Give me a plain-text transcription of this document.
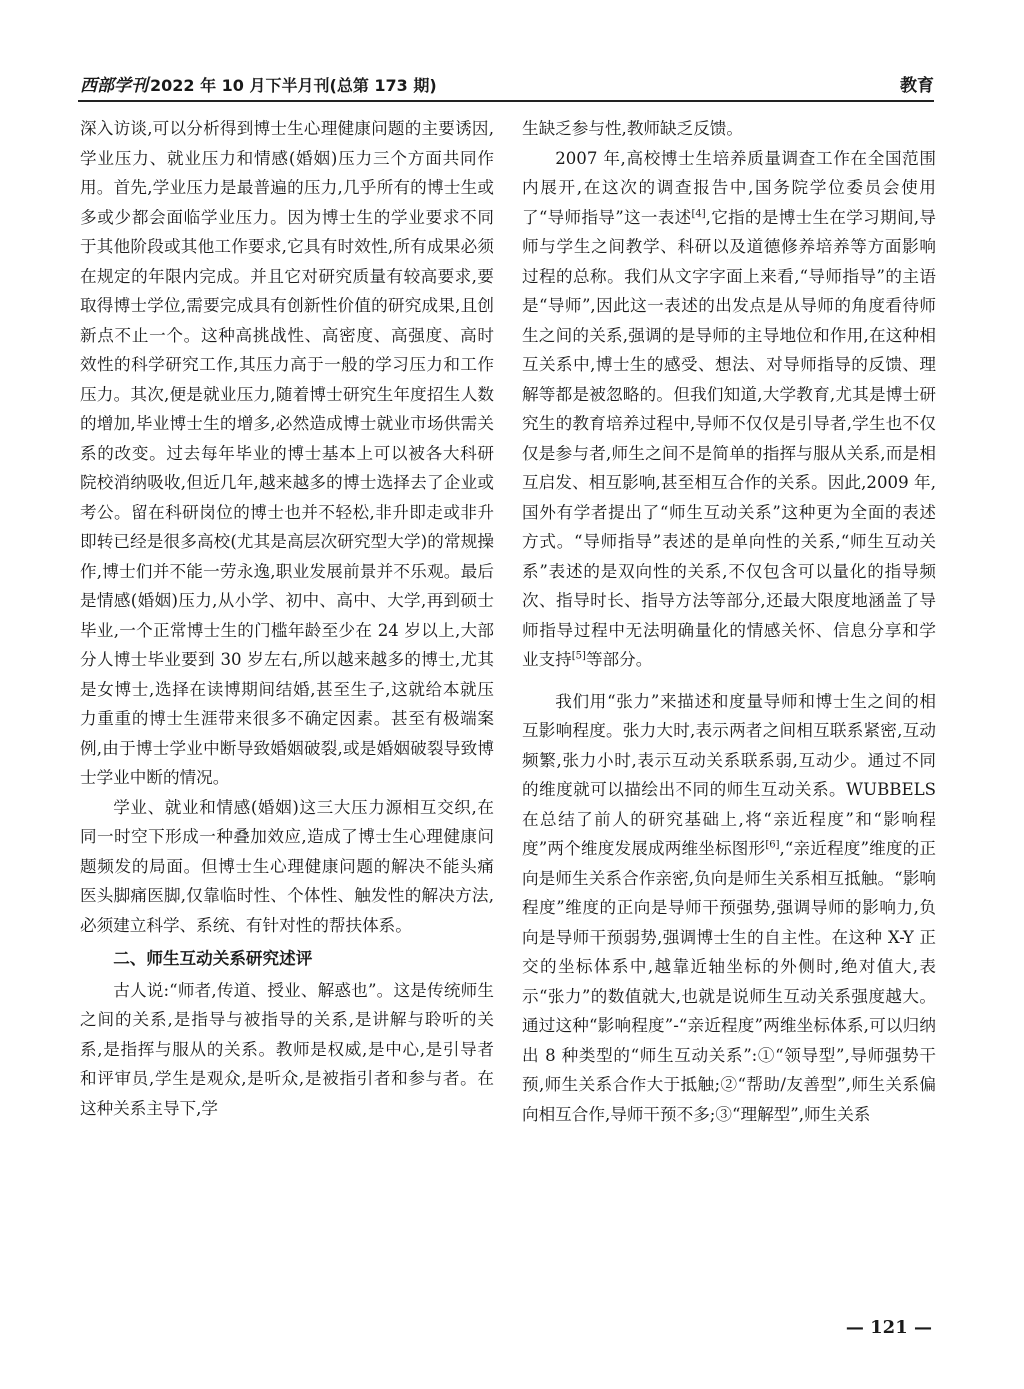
西部学刊 2022 年 10 月下半月刊(总第 173 期)	教育

深入访谈,可以分析得到博士生心理健康问题的主要诱因,学业压力、就业压力和情感(婚姻)压力三个方面共同作用。首先,学业压力是最普遍的压力,几乎所有的博士生或多或少都会面临学业压力。因为博士生的学业要求不同于其他阶段或其他工作要求,它具有时效性,所有成果必须在规定的年限内完成。并且它对研究质量有较高要求,要取得博士学位,需要完成具有创新性价值的研究成果,且创新点不止一个。这种高挑战性、高密度、高强度、高时效性的科学研究工作,其压力高于一般的学习压力和工作压力。其次,便是就业压力,随着博士研究生年度招生人数的增加,毕业博士生的增多,必然造成博士就业市场供需关系的改变。过去每年毕业的博士基本上可以被各大科研院校消纳吸收,但近几年,越来越多的博士选择去了企业或考公。留在科研岗位的博士也并不轻松,非升即走或非升即转已经是很多高校(尤其是高层次研究型大学)的常规操作,博士们并不能一劳永逸,职业发展前景并不乐观。最后是情感(婚姻)压力,从小学、初中、高中、大学,再到硕士毕业,一个正常博士生的门槛年龄至少在 24 岁以上,大部分人博士毕业要到 30 岁左右,所以越来越多的博士,尤其是女博士,选择在读博期间结婚,甚至生子,这就给本就压力重重的博士生涯带来很多不确定因素。甚至有极端案例,由于博士学业中断导致婚姻破裂,或是婚姻破裂导致博士学业中断的情况。

学业、就业和情感(婚姻)这三大压力源相互交织,在同一时空下形成一种叠加效应,造成了博士生心理健康问题频发的局面。但博士生心理健康问题的解决不能头痛医头脚痛医脚,仅靠临时性、个体性、触发性的解决方法,必须建立科学、系统、有针对性的帮扶体系。

二、师生互动关系研究述评

古人说:“师者,传道、授业、解惑也”。这是传统师生之间的关系,是指导与被指导的关系,是讲解与聆听的关系,是指挥与服从的关系。教师是权威,是中心,是引导者和评审员,学生是观众,是听众,是被指引者和参与者。在这种关系主导下,学

生缺乏参与性,教师缺乏反馈。

2007 年,高校博士生培养质量调查工作在全国范围内展开,在这次的调查报告中,国务院学位委员会使用了“导师指导”这一表述[4],它指的是博士生在学习期间,导师与学生之间教学、科研以及道德修养培养等方面影响过程的总称。我们从文字字面上来看,“导师指导”的主语是“导师”,因此这一表述的出发点是从导师的角度看待师生之间的关系,强调的是导师的主导地位和作用,在这种相互关系中,博士生的感受、想法、对导师指导的反馈、理解等都是被忽略的。但我们知道,大学教育,尤其是博士研究生的教育培养过程中,导师不仅仅是引导者,学生也不仅仅是参与者,师生之间不是简单的指挥与服从关系,而是相互启发、相互影响,甚至相互合作的关系。因此,2009 年,国外有学者提出了“师生互动关系”这种更为全面的表述方式。“导师指导”表述的是单向性的关系,“师生互动关系”表述的是双向性的关系,不仅包含可以量化的指导频次、指导时长、指导方法等部分,还最大限度地涵盖了导师指导过程中无法明确量化的情感关怀、信息分享和学业支持[5]等部分。

我们用“张力”来描述和度量导师和博士生之间的相互影响程度。张力大时,表示两者之间相互联系紧密,互动频繁,张力小时,表示互动关系联系弱,互动少。通过不同的维度就可以描绘出不同的师生互动关系。WUBBELS 在总结了前人的研究基础上,将“亲近程度”和“影响程度”两个维度发展成两维坐标图形[6],“亲近程度”维度的正向是师生关系合作亲密,负向是师生关系相互抵触。“影响程度”维度的正向是导师干预强势,强调导师的影响力,负向是导师干预弱势,强调博士生的自主性。在这种 X-Y 正交的坐标体系中,越靠近轴坐标的外侧时,绝对值大,表示“张力”的数值就大,也就是说师生互动关系强度越大。通过这种“影响程度”-“亲近程度”两维坐标体系,可以归纳出 8 种类型的“师生互动关系”:①“领导型”,导师强势干预,师生关系合作大于抵触;②“帮助/友善型”,师生关系偏向相互合作,导师干预不多;③“理解型”,师生关系

— 121 —
